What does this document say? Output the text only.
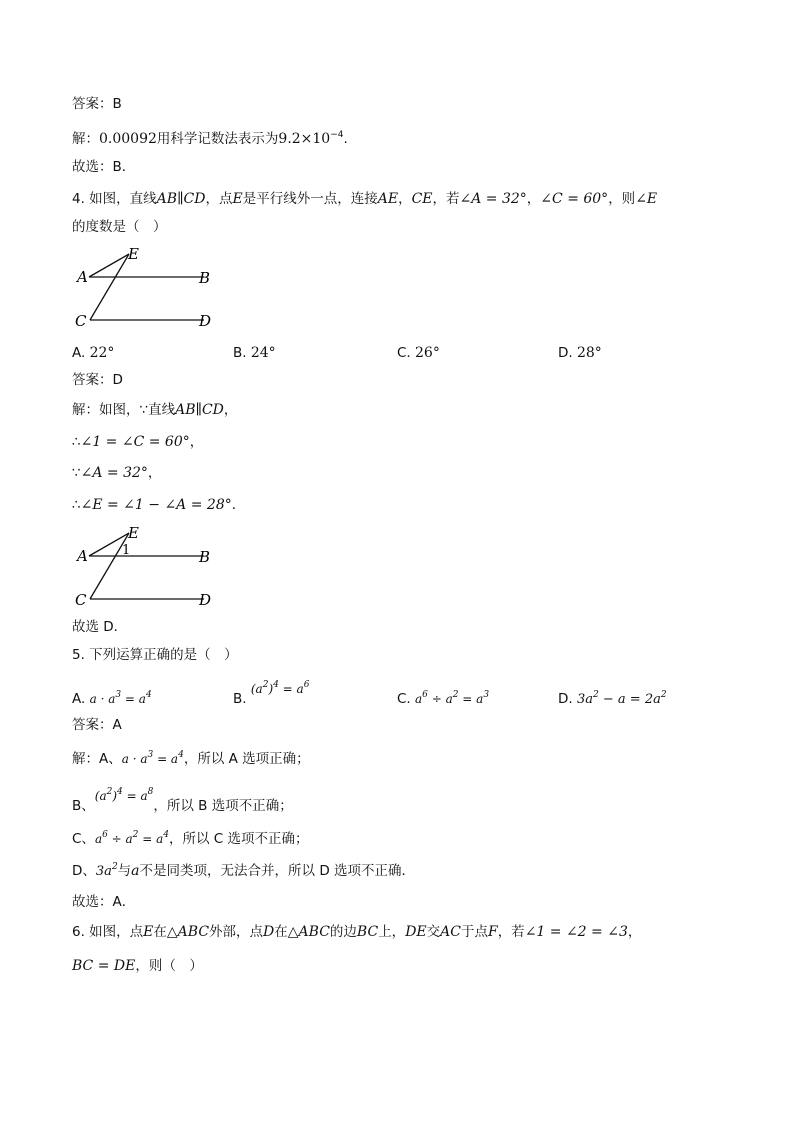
答案：B
解：0.00092用科学记数法表示为$9.2\times 10^{-4}$.
故选：B．
4. 如图，直线AB∥CD，点E是平行线外一点，连接AE，CE，若∠A = 32°，∠C = 60°，则∠E
的度数是（　）
A
E
B
C	D
A. 22°	B. 24°	C. 26°	D. 28°
答案：D
解：如图，∵直线AB∥CD，
∴∠1 = ∠C = 60°，
∵∠A = 32°，
∴∠E = ∠1 − ∠A = 28°．
A
E
1	B
C	D
故选 D．
5. 下列运算正确的是（　）
A. $a \cdot a^3 = a^4$	B. $(a^2)^4 = a^6$
C. $a^6 \div a^2 = a^3$	D. $3a^2 - a = 2a^2$
答案：A
解：A、$a \cdot a^3 = a^4$，所以 A 选项正确；
B、$(a^2)^4 = a^8$，所以 B 选项不正确；
C、$a^6 \div a^2 = a^4$，所以 C 选项不正确；
D、$3a^2$与a不是同类项，无法合并，所以 D 选项不正确．
故选：A．
6. 如图，点E在△ABC外部，点D在△ABC的边BC上，DE交AC于点F，若∠1 = ∠2 = ∠3，
BC = DE，则（　）
